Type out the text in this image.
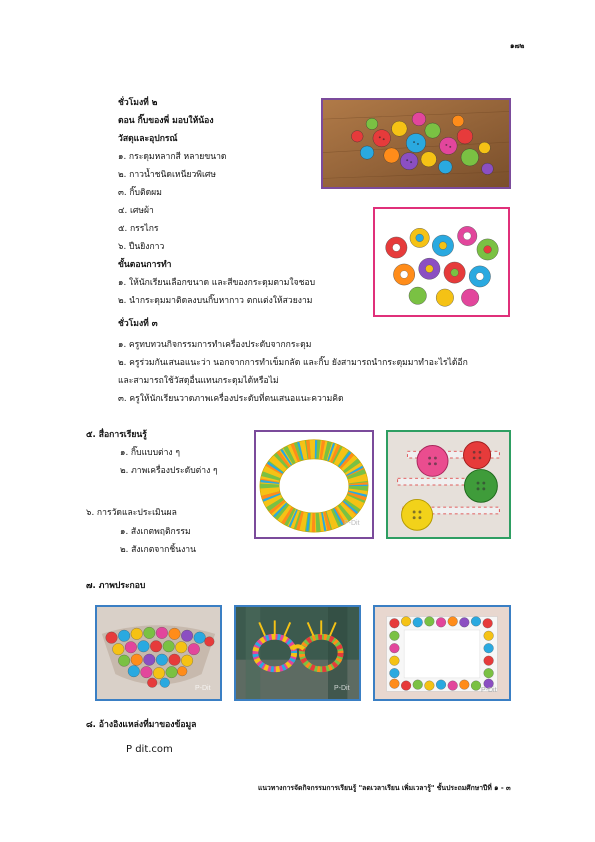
๑๗๒
ชั่วโมงที่ ๒
ตอน กิ๊บของพี่ มอบให้น้อง
วัสดุและอุปกรณ์
๑. กระดุมหลากสี หลายขนาด
๒. กาวน้ำชนิดเหนียวพิเศษ
๓. กิ๊บติดผม
๔. เศษผ้า
๕. กรรไกร
๖. ปืนยิงกาว
ขั้นตอนการทำ
๑. ให้นักเรียนเลือกขนาด และสีของกระดุมตามใจชอบ
๒. นำกระดุมมาติดลงบนกิ๊บหากาว ตกแต่งให้สวยงาม
ชั่วโมงที่ ๓
๑. ครูทบทวนกิจกรรมการทำเครื่องประดับจากกระดุม
๒. ครูร่วมกันเสนอแนะว่า นอกจากการทำเข็มกลัด และกิ๊บ ยังสามารถนำกระดุมมาทำอะไรได้อีก
และสามารถใช้วัสดุอื่นแทนกระดุมได้หรือไม่
๓. ครูให้นักเรียนวาดภาพเครื่องประดับที่ตนเสนอแนะความคิด
๕. สื่อการเรียนรู้
๑. กิ๊บแบบต่าง ๆ
๒. ภาพเครื่องประดับต่าง ๆ
๖. การวัดและประเมินผล
๑. สังเกตพฤติกรรม
๒. สังเกตจากชิ้นงาน
๗. ภาพประกอบ
๘. อ้างอิงแหล่งที่มาของข้อมูล
P dit.com
แนวทางการจัดกิจกรรมการเรียนรู้ "ลดเวลาเรียน เพิ่มเวลารู้" ชั้นประถมศึกษาปีที่ ๑ - ๓
P-Dit
P-Dit	P-Dit	P-Dit
